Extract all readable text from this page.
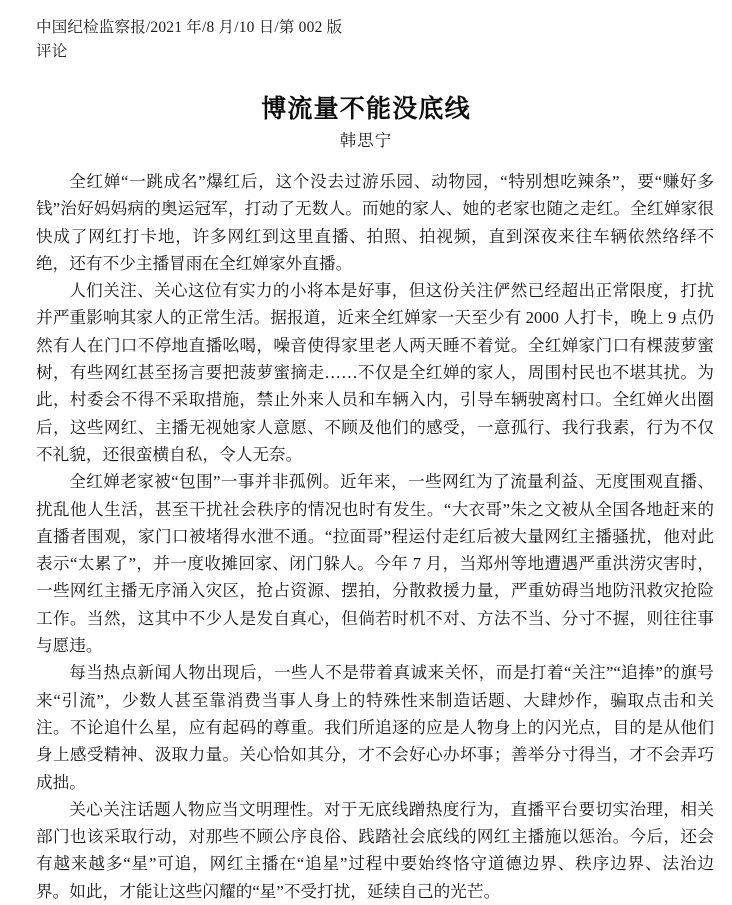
中国纪检监察报/2021 年/8 月/10 日/第 002 版
评论
博流量不能没底线
韩思宁

全红婵“一跳成名”爆红后，这个没去过游乐园、动物园，“特别想吃辣条”，要“赚好多钱”治好妈妈病的奥运冠军，打动了无数人。而她的家人、她的老家也随之走红。全红婵家很快成了网红打卡地，许多网红到这里直播、拍照、拍视频，直到深夜来往车辆依然络绎不绝，还有不少主播冒雨在全红婵家外直播。

人们关注、关心这位有实力的小将本是好事，但这份关注俨然已经超出正常限度，打扰并严重影响其家人的正常生活。据报道，近来全红婵家一天至少有 2000 人打卡，晚上 9 点仍然有人在门口不停地直播吆喝，噪音使得家里老人两天睡不着觉。全红婵家门口有棵菠萝蜜树，有些网红甚至扬言要把菠萝蜜摘走……不仅是全红婵的家人，周围村民也不堪其扰。为此，村委会不得不采取措施，禁止外来人员和车辆入内，引导车辆驶离村口。全红婵火出圈后，这些网红、主播无视她家人意愿、不顾及他们的感受，一意孤行、我行我素，行为不仅不礼貌，还很蛮横自私，令人无奈。

全红婵老家被“包围”一事并非孤例。近年来，一些网红为了流量利益、无度围观直播、扰乱他人生活，甚至干扰社会秩序的情况也时有发生。“大衣哥”朱之文被从全国各地赶来的直播者围观，家门口被堵得水泄不通。“拉面哥”程运付走红后被大量网红主播骚扰，他对此表示“太累了”，并一度收摊回家、闭门躲人。今年 7 月，当郑州等地遭遇严重洪涝灾害时，一些网红主播无序涌入灾区，抢占资源、摆拍，分散救援力量，严重妨碍当地防汛救灾抢险工作。当然，这其中不少人是发自真心，但倘若时机不对、方法不当、分寸不握，则往往事与愿违。

每当热点新闻人物出现后，一些人不是带着真诚来关怀，而是打着“关注”“追捧”的旗号来“引流”，少数人甚至靠消费当事人身上的特殊性来制造话题、大肆炒作，骗取点击和关注。不论追什么星，应有起码的尊重。我们所追逐的应是人物身上的闪光点，目的是从他们身上感受精神、汲取力量。关心恰如其分，才不会好心办坏事；善举分寸得当，才不会弄巧成拙。

关心关注话题人物应当文明理性。对于无底线蹭热度行为，直播平台要切实治理，相关部门也该采取行动，对那些不顾公序良俗、践踏社会底线的网红主播施以惩治。今后，还会有越来越多“星”可追，网红主播在“追星”过程中要始终恪守道德边界、秩序边界、法治边界。如此，才能让这些闪耀的“星”不受打扰，延续自己的光芒。
